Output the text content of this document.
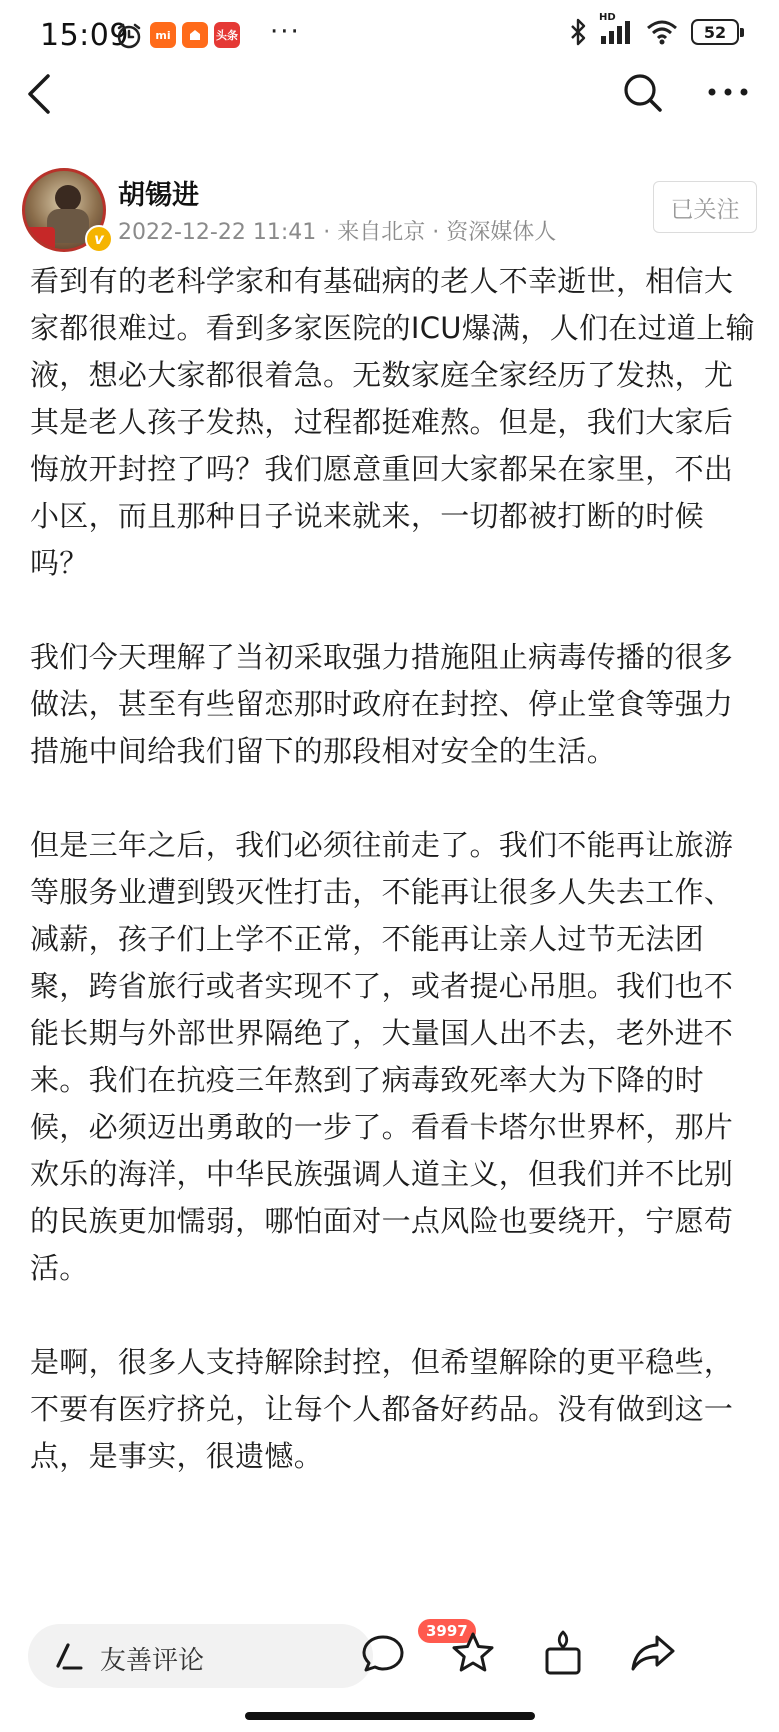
15:09	mi	头条 ···	HD
52
v
胡锡进
2022-12-22 11:41 · 来自北京 · 资深媒体人
已关注

看到有的老科学家和有基础病的老人不幸逝世，相信大家都很难过。看到多家医院的ICU爆满，人们在过道上输液，想必大家都很着急。无数家庭全家经历了发热，尤其是老人孩子发热，过程都挺难熬。但是，我们大家后悔放开封控了吗？我们愿意重回大家都呆在家里，不出小区，而且那种日子说来就来，一切都被打断的时候吗？

我们今天理解了当初采取强力措施阻止病毒传播的很多做法，甚至有些留恋那时政府在封控、停止堂食等强力措施中间给我们留下的那段相对安全的生活。

但是三年之后，我们必须往前走了。我们不能再让旅游等服务业遭到毁灭性打击，不能再让很多人失去工作、减薪，孩子们上学不正常，不能再让亲人过节无法团聚，跨省旅行或者实现不了，或者提心吊胆。我们也不能长期与外部世界隔绝了，大量国人出不去，老外进不来。我们在抗疫三年熬到了病毒致死率大为下降的时候，必须迈出勇敢的一步了。看看卡塔尔世界杯，那片欢乐的海洋，中华民族强调人道主义，但我们并不比别的民族更加懦弱，哪怕面对一点风险也要绕开，宁愿苟活。

是啊，很多人支持解除封控，但希望解除的更平稳些，不要有医疗挤兑，让每个人都备好药品。没有做到这一点，是事实，很遗憾。

友善评论
3997
